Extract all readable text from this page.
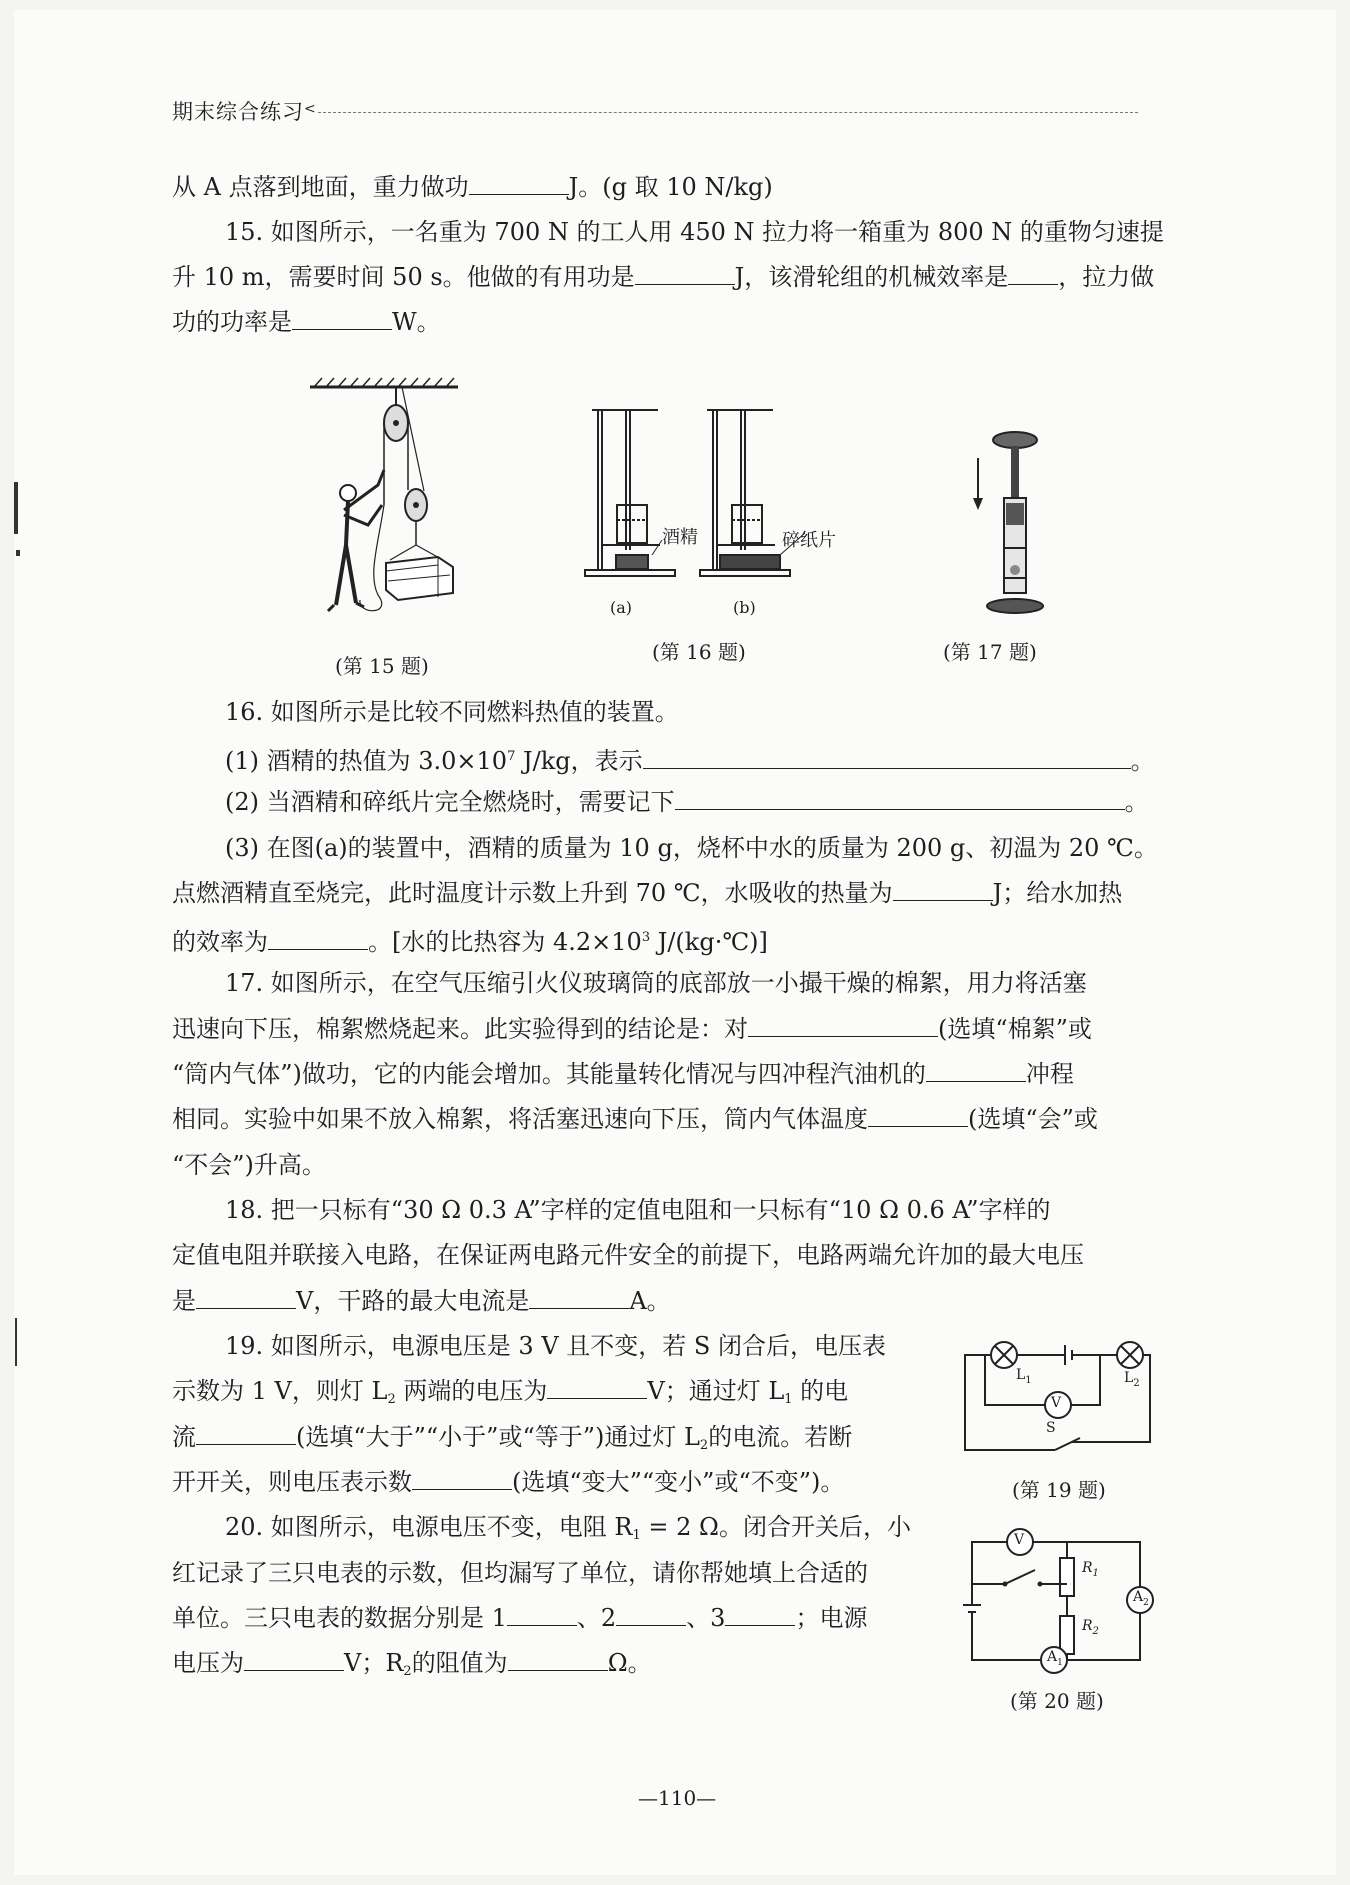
期末综合练习 <
从 A 点落到地面，重力做功	J。(g 取 10 N/kg)
15. 如图所示，一名重为 700 N 的工人用 450 N 拉力将一箱重为 800 N 的重物匀速提
升 10 m，需要时间 50 s。他做的有用功是	J，该滑轮组的机械效率是 ，拉力做
功的功率是	W。
酒精	碎纸片
(a)	(b)
(第 15 题)
(第 16 题)	(第 17 题)
16. 如图所示是比较不同燃料热值的装置。
(1) 酒精的热值为 $3.0\times 10^7$ J/kg，表示	。
(2) 当酒精和碎纸片完全燃烧时，需要记下	。
(3) 在图(a)的装置中，酒精的质量为 10 g，烧杯中水的质量为 200 g、初温为 20 ℃。
点燃酒精直至烧完，此时温度计示数上升到 70 ℃，水吸收的热量为	J；给水加热
的效率为	。[水的比热容为 $4.2\times 10^3$ J/(kg·℃)]
17. 如图所示，在空气压缩引火仪玻璃筒的底部放一小撮干燥的棉絮，用力将活塞
迅速向下压，棉絮燃烧起来。此实验得到的结论是：对	(选填“棉絮”或
“筒内气体”)做功，它的内能会增加。其能量转化情况与四冲程汽油机的	冲程
相同。实验中如果不放入棉絮，将活塞迅速向下压，筒内气体温度	(选填“会”或
“不会”)升高。
18. 把一只标有“30 Ω 0.3 A”字样的定值电阻和一只标有“10 Ω 0.6 A”字样的
定值电阻并联接入电路，在保证两电路元件安全的前提下，电路两端允许加的最大电压
是	V，干路的最大电流是	A。
19. 如图所示，电源电压是 3 V 且不变，若 S 闭合后，电压表
示数为 1 V，则灯 $L_2$ 两端的电压为	V；通过灯 $L_1$ 的电
流	(选填“大于”“小于”或“等于”)通过灯 $L_2$的电流。若断
开开关，则电压表示数	(选填“变大”“变小”或“不变”)。
$L_1$	$L_2$
V
S
(第 19 题)
20. 如图所示，电源电压不变，电阻 $R_1 = 2$ Ω。闭合开关后，小
红记录了三只电表的示数，但均漏写了单位，请你帮她填上合适的
单位。三只电表的数据分别是 1	、2	、3	；电源
电压为	V；$R_2$的阻值为	Ω。
V
$R_1$
$R_2$
$A_2$
$A_1$
(第 20 题)
—110—
